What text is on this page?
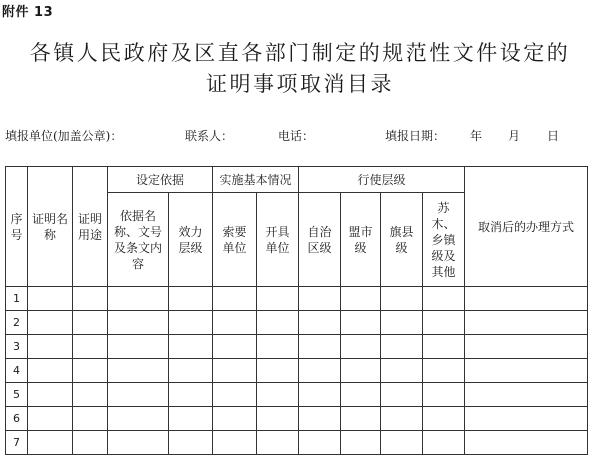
附件 13
各镇人民政府及区直各部门制定的规范性文件设定的
证明事项取消目录
填报单位(加盖公章)：	联系人：	电话：	填报日期： 年 月 日
序号	证明名称	证明用途	设定依据		实施基本情况		行使层级				取消后的办理方式
			依据名称、文号及条文内容	效力层级	索要单位	开具单位	自治区级	盟市级	旗县级	苏木、乡镇级及其他	
1											
2											
3											
4											
5											
6											
7											
